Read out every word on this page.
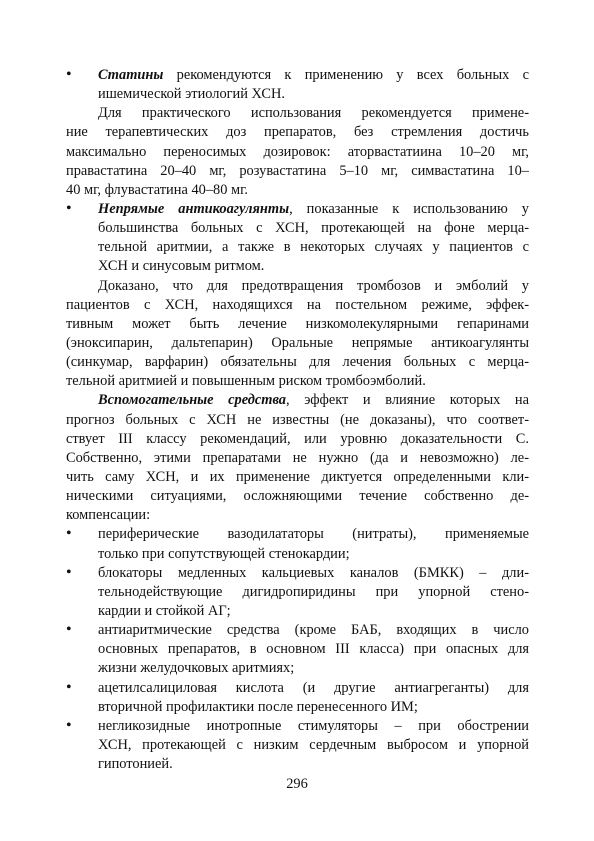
•	Статины рекомендуются к применению у всех больных с
ишемической этиологий ХСН.
Для практического использования рекомендуется примене-
ние терапевтических доз препаратов, без стремления достичь
максимально переносимых дозировок: аторвастатиина 10–20 мг,
правастатина 20–40 мг, розувастатина 5–10 мг, симвастатина 10–
40 мг, флувастатина 40–80 мг.
•	Непрямые антикоагулянты, показанные к использованию у
большинства больных с ХСН, протекающей на фоне мерца-
тельной аритмии, а также в некоторых случаях у пациентов с
ХСН и синусовым ритмом.
Доказано, что для предотвращения тромбозов и эмболий у
пациентов с ХСН, находящихся на постельном режиме, эффек-
тивным может быть лечение низкомолекулярными гепаринами
(эноксипарин, дальтепарин) Оральные непрямые антикоагулянты
(синкумар, варфарин) обязательны для лечения больных с мерца-
тельной аритмией и повышенным риском тромбоэмболий.
Вспомогательные средства, эффект и влияние которых на
прогноз больных с ХСН не известны (не доказаны), что соответ-
ствует III классу рекомендаций, или уровню доказательности С.
Собственно, этими препаратами не нужно (да и невозможно) ле-
чить саму ХСН, и их применение диктуется определенными кли-
ническими ситуациями, осложняющими течение собственно де-
компенсации:
•	периферические вазодилататоры (нитраты), применяемые
только при сопутствующей стенокардии;
•	блокаторы медленных кальциевых каналов (БМКК) – дли-
тельнодействующие дигидропиридины при упорной стено-
кардии и стойкой АГ;
•	антиаритмические средства (кроме БАБ, входящих в число
основных препаратов, в основном III класса) при опасных для
жизни желудочковых аритмиях;
•	ацетилсалициловая кислота (и другие антиагреганты) для
вторичной профилактики после перенесенного ИМ;
•	негликозидные инотропные стимуляторы – при обострении
ХСН, протекающей с низким сердечным выбросом и упорной
гипотонией.
296
